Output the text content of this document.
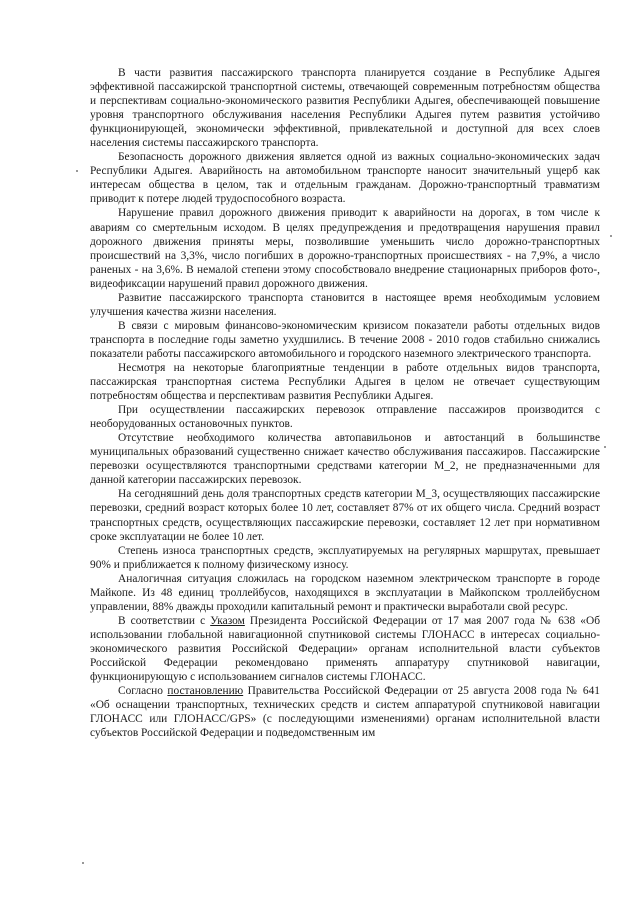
В части развития пассажирского транспорта планируется создание в Республике Адыгея эффективной пассажирской транспортной системы, отвечающей современным потребностям общества и перспективам социально-экономического развития Республики Адыгея, обеспечивающей повышение уровня транспортного обслуживания населения Республики Адыгея путем развития устойчиво функционирующей, экономически эффективной, привлекательной и доступной для всех слоев населения системы пассажирского транспорта.

Безопасность дорожного движения является одной из важных социально-экономических задач Республики Адыгея. Аварийность на автомобильном транспорте наносит значительный ущерб как интересам общества в целом, так и отдельным гражданам. Дорожно-транспортный травматизм приводит к потере людей трудоспособного возраста.

Нарушение правил дорожного движения приводит к аварийности на дорогах, в том числе к авариям со смертельным исходом. В целях предупреждения и предотвращения нарушения правил дорожного движения приняты меры, позволившие уменьшить число дорожно-транспортных происшествий на 3,3%, число погибших в дорожно-транспортных происшествиях - на 7,9%, а число раненых - на 3,6%. В немалой степени этому способствовало внедрение стационарных приборов фото-, видеофиксации нарушений правил дорожного движения.

Развитие пассажирского транспорта становится в настоящее время необходимым условием улучшения качества жизни населения.

В связи с мировым финансово-экономическим кризисом показатели работы отдельных видов транспорта в последние годы заметно ухудшились. В течение 2008 - 2010 годов стабильно снижались показатели работы пассажирского автомобильного и городского наземного электрического транспорта.

Несмотря на некоторые благоприятные тенденции в работе отдельных видов транспорта, пассажирская транспортная система Республики Адыгея в целом не отвечает существующим потребностям общества и перспективам развития Республики Адыгея.

При осуществлении пассажирских перевозок отправление пассажиров производится с необорудованных остановочных пунктов.

Отсутствие необходимого количества автопавильонов и автостанций в большинстве муниципальных образований существенно снижает качество обслуживания пассажиров. Пассажирские перевозки осуществляются транспортными средствами категории М_2, не предназначенными для данной категории пассажирских перевозок.

На сегодняшний день доля транспортных средств категории М_3, осуществляющих пассажирские перевозки, средний возраст которых более 10 лет, составляет 87% от их общего числа. Средний возраст транспортных средств, осуществляющих пассажирские перевозки, составляет 12 лет при нормативном сроке эксплуатации не более 10 лет.

Степень износа транспортных средств, эксплуатируемых на регулярных маршрутах, превышает 90% и приближается к полному физическому износу.

Аналогичная ситуация сложилась на городском наземном электрическом транспорте в городе Майкопе. Из 48 единиц троллейбусов, находящихся в эксплуатации в Майкопском троллейбусном управлении, 88% дважды проходили капитальный ремонт и практически выработали свой ресурс.

В соответствии с Указом Президента Российской Федерации от 17 мая 2007 года № 638 «Об использовании глобальной навигационной спутниковой системы ГЛОНАСС в интересах социально-экономического развития Российской Федерации» органам исполнительной власти субъектов Российской Федерации рекомендовано применять аппаратуру спутниковой навигации, функционирующую с использованием сигналов системы ГЛОНАСС.

Согласно постановлению Правительства Российской Федерации от 25 августа 2008 года № 641 «Об оснащении транспортных, технических средств и систем аппаратурой спутниковой навигации ГЛОНАСС или ГЛОНАСС/GPS» (с последующими изменениями) органам исполнительной власти субъектов Российской Федерации и подведомственным им
